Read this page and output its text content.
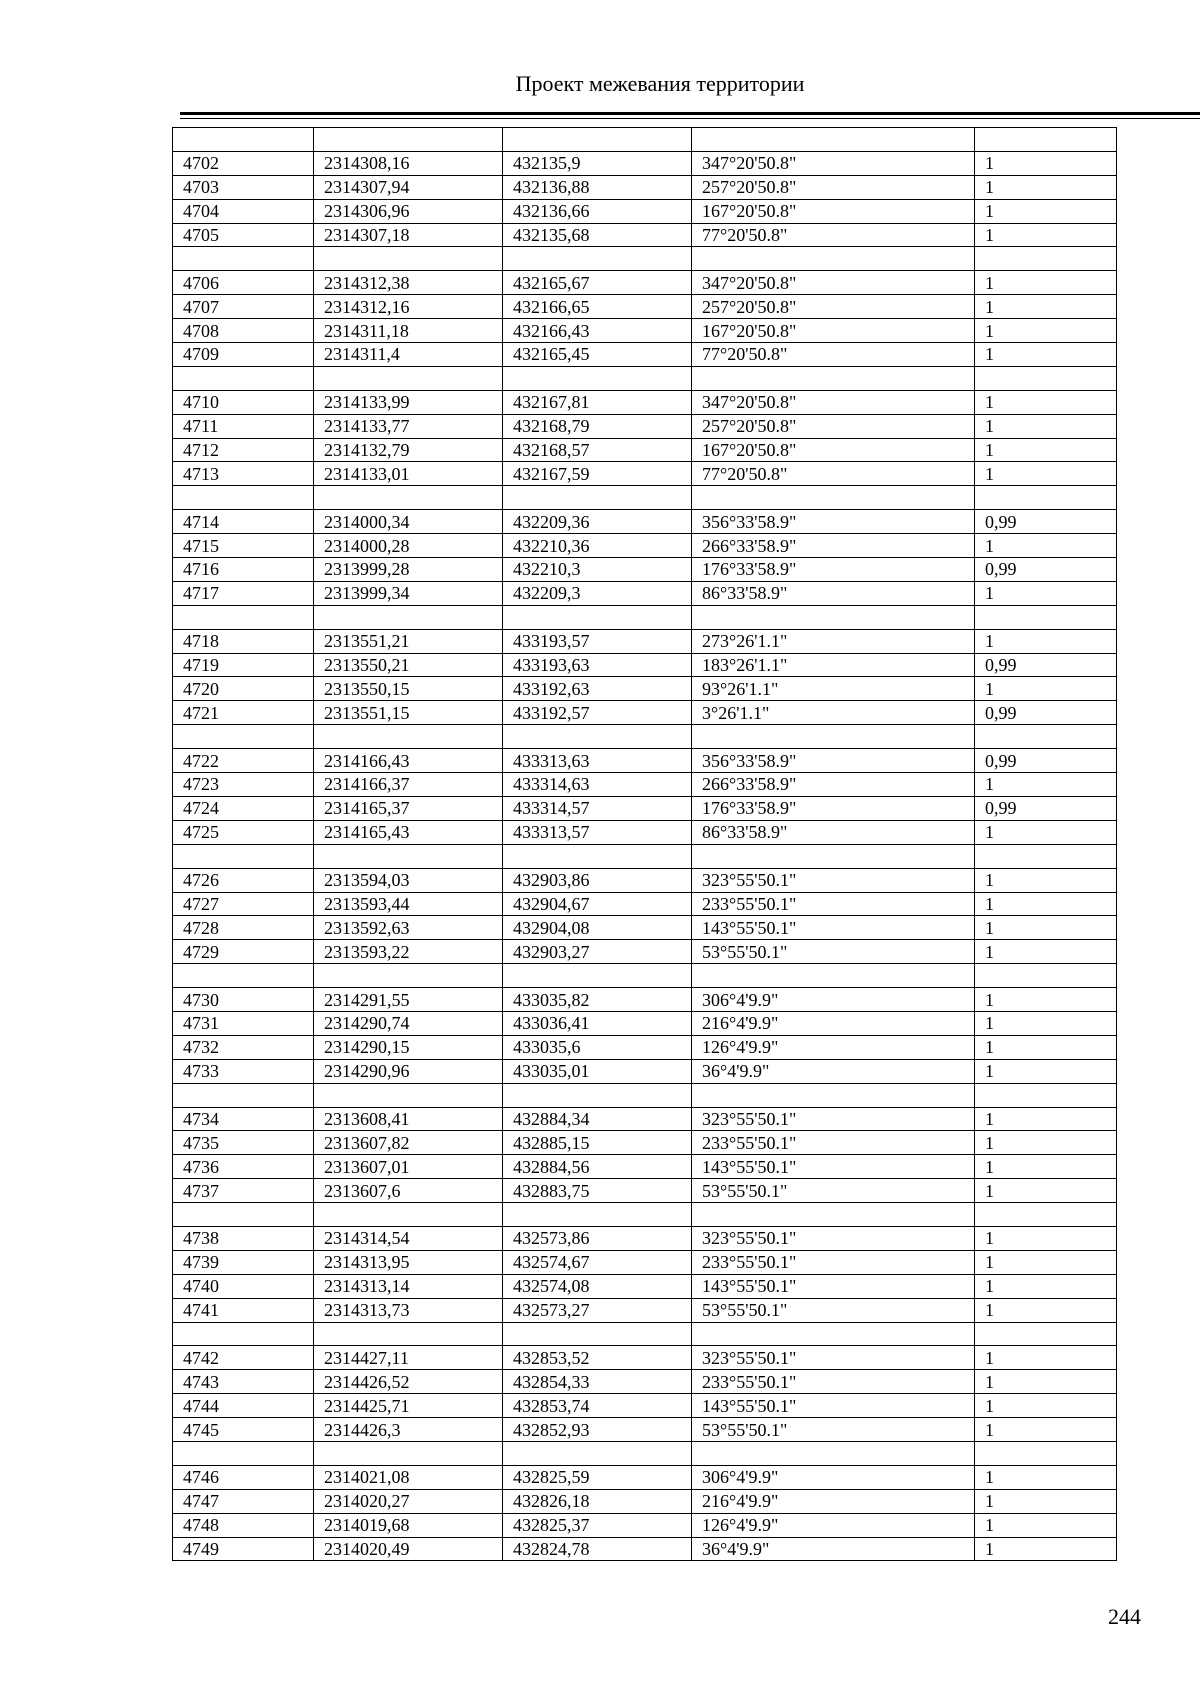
Проект межевания территории

4702	2314308,16	432135,9	347°20'50.8"	1
4703	2314307,94	432136,88	257°20'50.8"	1
4704	2314306,96	432136,66	167°20'50.8"	1
4705	2314307,18	432135,68	77°20'50.8"	1

4706	2314312,38	432165,67	347°20'50.8"	1
4707	2314312,16	432166,65	257°20'50.8"	1
4708	2314311,18	432166,43	167°20'50.8"	1
4709	2314311,4	432165,45	77°20'50.8"	1

4710	2314133,99	432167,81	347°20'50.8"	1
4711	2314133,77	432168,79	257°20'50.8"	1
4712	2314132,79	432168,57	167°20'50.8"	1
4713	2314133,01	432167,59	77°20'50.8"	1

4714	2314000,34	432209,36	356°33'58.9"	0,99
4715	2314000,28	432210,36	266°33'58.9"	1
4716	2313999,28	432210,3	176°33'58.9"	0,99
4717	2313999,34	432209,3	86°33'58.9"	1

4718	2313551,21	433193,57	273°26'1.1"	1
4719	2313550,21	433193,63	183°26'1.1"	0,99
4720	2313550,15	433192,63	93°26'1.1"	1
4721	2313551,15	433192,57	3°26'1.1"	0,99

4722	2314166,43	433313,63	356°33'58.9"	0,99
4723	2314166,37	433314,63	266°33'58.9"	1
4724	2314165,37	433314,57	176°33'58.9"	0,99
4725	2314165,43	433313,57	86°33'58.9"	1

4726	2313594,03	432903,86	323°55'50.1"	1
4727	2313593,44	432904,67	233°55'50.1"	1
4728	2313592,63	432904,08	143°55'50.1"	1
4729	2313593,22	432903,27	53°55'50.1"	1

4730	2314291,55	433035,82	306°4'9.9"	1
4731	2314290,74	433036,41	216°4'9.9"	1
4732	2314290,15	433035,6	126°4'9.9"	1
4733	2314290,96	433035,01	36°4'9.9"	1

4734	2313608,41	432884,34	323°55'50.1"	1
4735	2313607,82	432885,15	233°55'50.1"	1
4736	2313607,01	432884,56	143°55'50.1"	1
4737	2313607,6	432883,75	53°55'50.1"	1

4738	2314314,54	432573,86	323°55'50.1"	1
4739	2314313,95	432574,67	233°55'50.1"	1
4740	2314313,14	432574,08	143°55'50.1"	1
4741	2314313,73	432573,27	53°55'50.1"	1

4742	2314427,11	432853,52	323°55'50.1"	1
4743	2314426,52	432854,33	233°55'50.1"	1
4744	2314425,71	432853,74	143°55'50.1"	1
4745	2314426,3	432852,93	53°55'50.1"	1

4746	2314021,08	432825,59	306°4'9.9"	1
4747	2314020,27	432826,18	216°4'9.9"	1
4748	2314019,68	432825,37	126°4'9.9"	1
4749	2314020,49	432824,78	36°4'9.9"	1
244
